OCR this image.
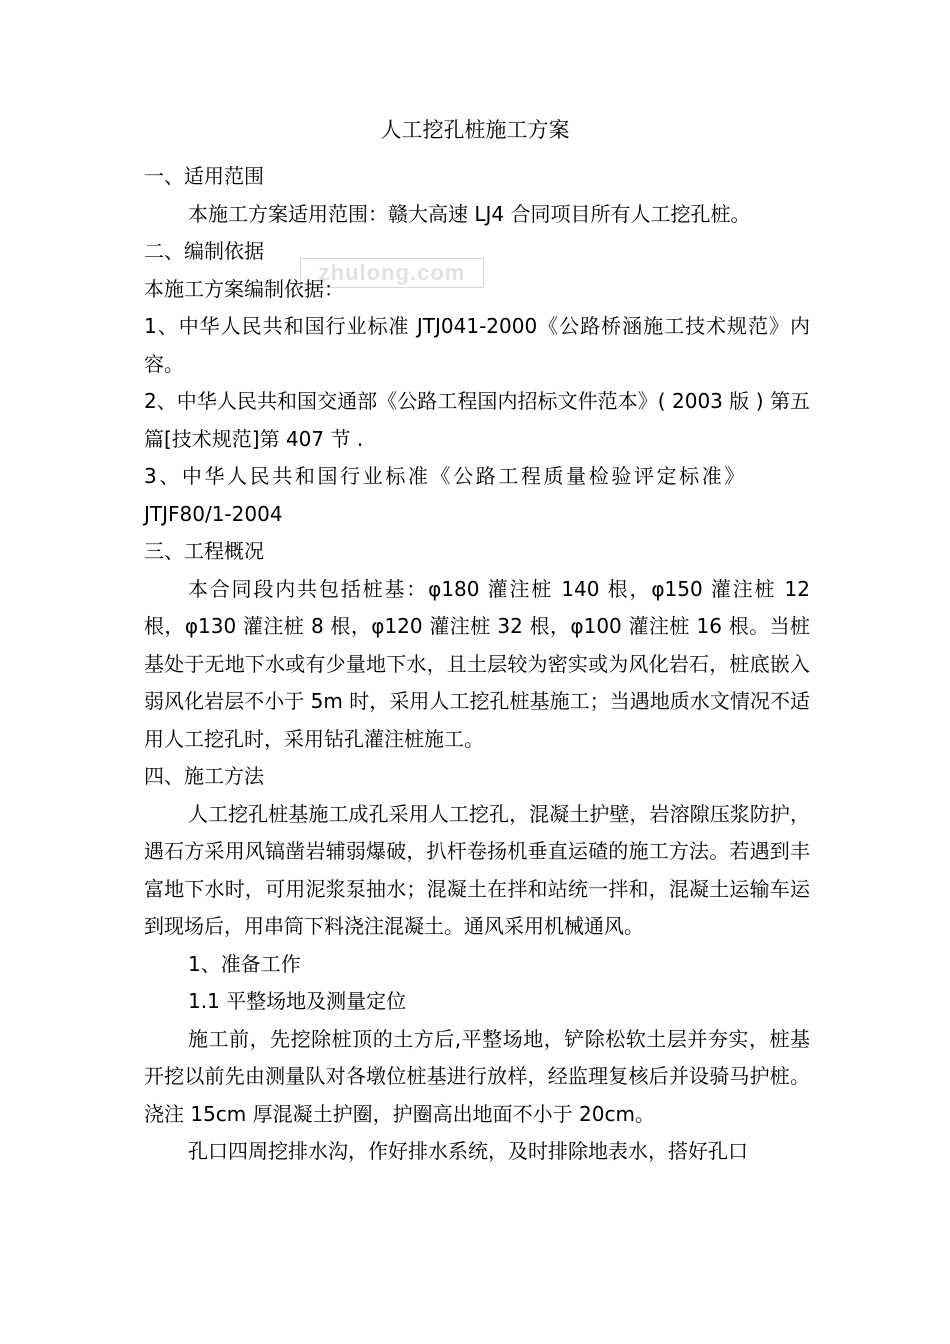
人工挖孔桩施工方案
zhulong.com

一、适用范围

本施工方案适用范围：赣大高速 LJ4 合同项目所有人工挖孔桩。

二、编制依据

本施工方案编制依据：

1、中华人民共和国行业标准 JTJ041-2000《公路桥涵施工技术规范》内容。

2、中华人民共和国交通部《公路工程国内招标文件范本》( 2003 版 ) 第五篇[技术规范]第 407 节 .

3、中华人民共和国行业标准《公路工程质量检验评定标准》

JTJF80/1-2004

三、工程概况

本合同段内共包括桩基：φ180 灌注桩 140 根，φ150 灌注桩 12 根，φ130 灌注桩 8 根，φ120 灌注桩 32 根，φ100 灌注桩 16 根。当桩基处于无地下水或有少量地下水，且土层较为密实或为风化岩石，桩底嵌入弱风化岩层不小于 5m 时，采用人工挖孔桩基施工；当遇地质水文情况不适用人工挖孔时，采用钻孔灌注桩施工。

四、施工方法

人工挖孔桩基施工成孔采用人工挖孔，混凝土护壁，岩溶隙压浆防护，遇石方采用风镐凿岩辅弱爆破，扒杆卷扬机垂直运碴的施工方法。若遇到丰富地下水时，可用泥浆泵抽水；混凝土在拌和站统一拌和，混凝土运输车运到现场后，用串筒下料浇注混凝土。通风采用机械通风。

1、准备工作

1.1 平整场地及测量定位

施工前，先挖除桩顶的土方后,平整场地，铲除松软土层并夯实，桩基开挖以前先由测量队对各墩位桩基进行放样，经监理复核后并设骑马护桩。浇注 15cm 厚混凝土护圈，护圈高出地面不小于 20cm。

孔口四周挖排水沟，作好排水系统，及时排除地表水，搭好孔口
